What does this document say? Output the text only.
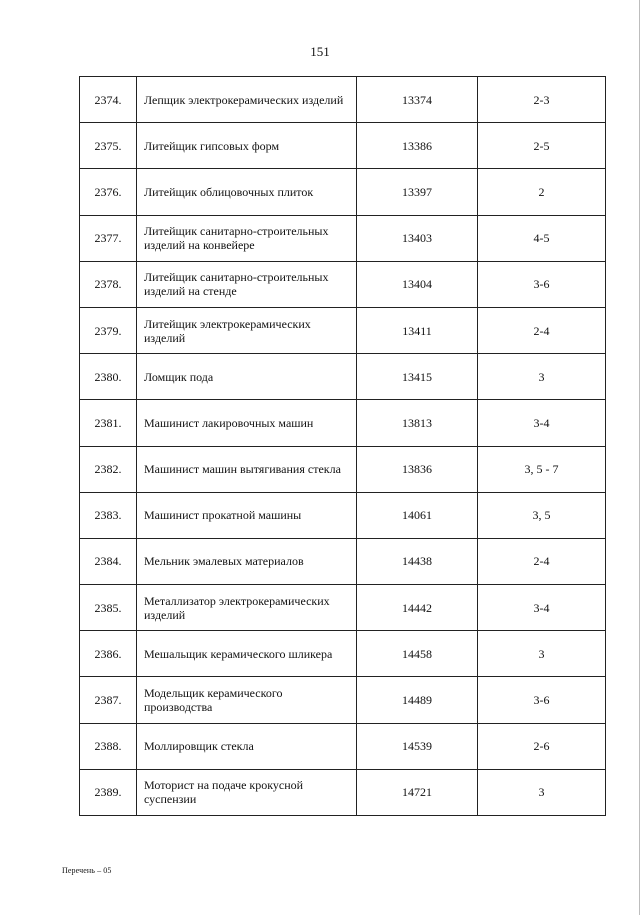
151
2374.	Лепщик электрокерамических изделий	13374	2-3
2375.	Литейщик гипсовых форм	13386	2-5
2376.	Литейщик облицовочных плиток	13397	2
2377.	Литейщик санитарно-строительных изделий на конвейере	13403	4-5
2378.	Литейщик санитарно-строительных изделий на стенде	13404	3-6
2379.	Литейщик электрокерамических изделий	13411	2-4
2380.	Ломщик пода	13415	3
2381.	Машинист лакировочных машин	13813	3-4
2382.	Машинист машин вытягивания стекла	13836	3, 5 - 7
2383.	Машинист прокатной машины	14061	3, 5
2384.	Мельник эмалевых материалов	14438	2-4
2385.	Металлизатор электрокерамических изделий	14442	3-4
2386.	Мешальщик керамического шликера	14458	3
2387.	Модельщик керамического производства	14489	3-6
2388.	Моллировщик стекла	14539	2-6
2389.	Моторист на подаче крокусной суспензии	14721	3
Перечень – 05
